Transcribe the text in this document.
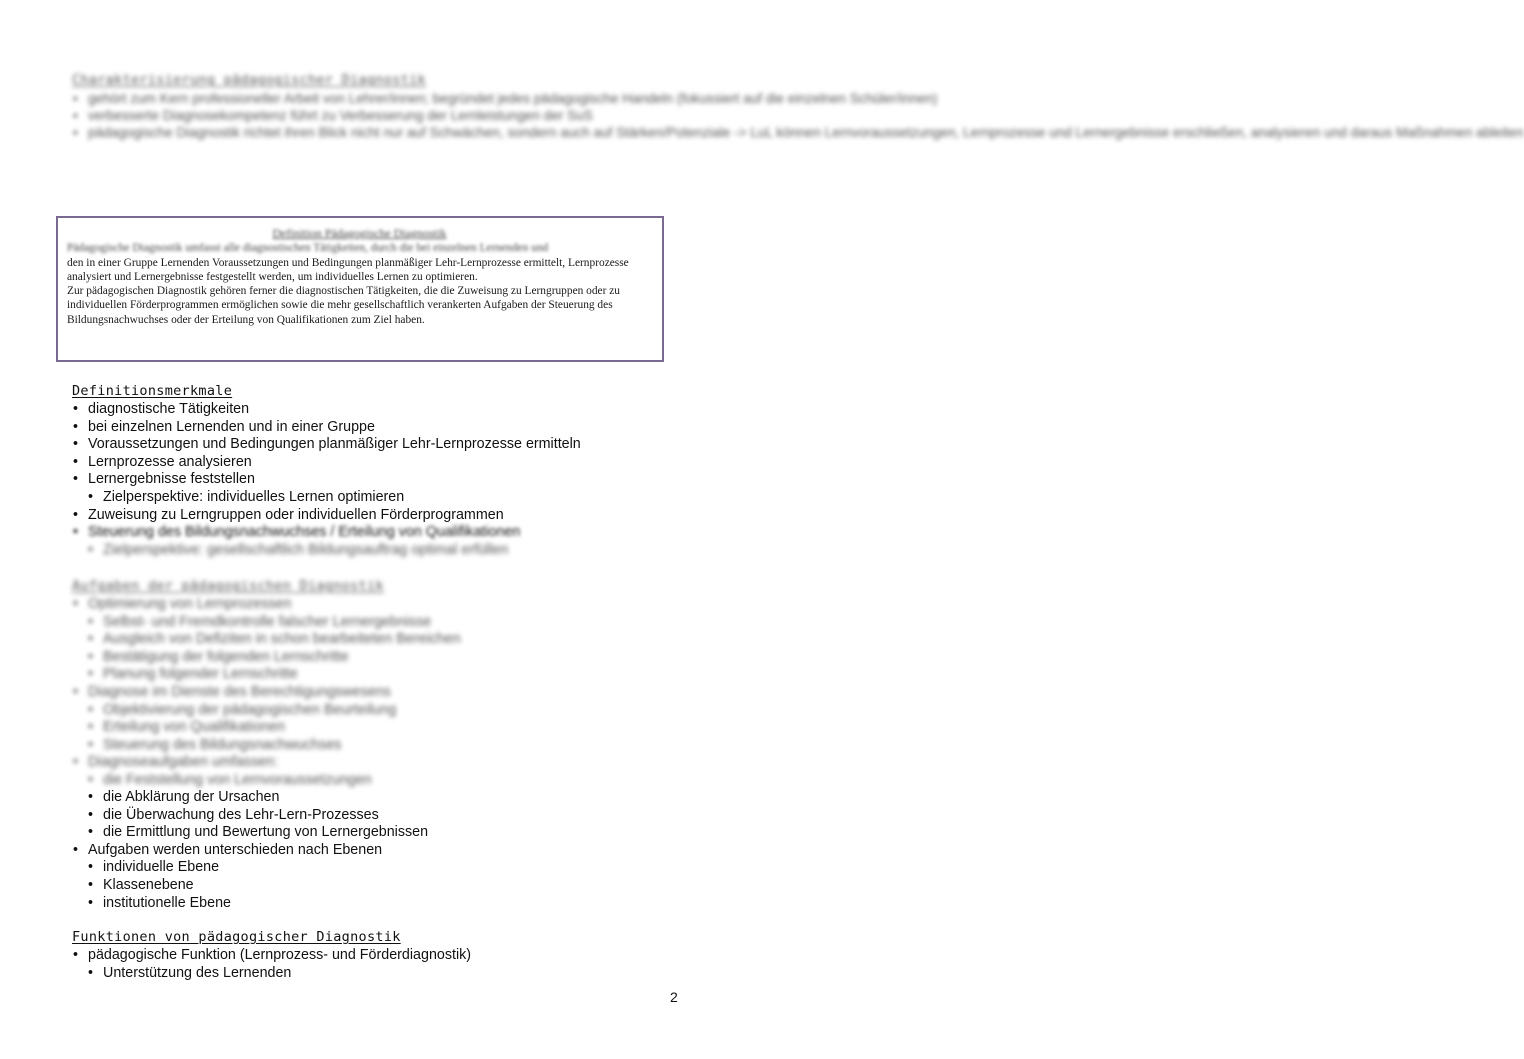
Charakterisierung pädagogischer Diagnostik
• gehört zum Kern professioneller Arbeit von Lehrer/innen; begründet jedes pädagogische Handeln (fokussiert auf die einzelnen Schüler/innen)
• verbesserte Diagnosekompetenz führt zu Verbesserung der Lernleistungen der SuS
• pädagogische Diagnostik richtet ihren Blick nicht nur auf Schwächen, sondern auch auf Stärken/Potenziale -> LuL können Lernvoraussetzungen, Lernprozesse und Lernergebnisse erschließen, analysieren und daraus Maßnahmen ableiten
Definition Pädagogische Diagnostik

Pädagogische Diagnostik umfasst alle diagnostischen Tätigkeiten, durch die bei einzelnen Lernenden und

den in einer Gruppe Lernenden Voraussetzungen und Bedingungen planmäßiger Lehr-Lernprozesse ermittelt, Lernprozesse analysiert und Lernergebnisse festgestellt werden, um individuelles Lernen zu optimieren.

Zur pädagogischen Diagnostik gehören ferner die diagnostischen Tätigkeiten, die die Zuweisung zu Lerngruppen oder zu individuellen Förderprogrammen ermöglichen sowie die mehr gesellschaftlich verankerten Aufgaben der Steuerung des Bildungsnachwuchses oder der Erteilung von Qualifikationen zum Ziel haben.

Definitionsmerkmale
• diagnostische Tätigkeiten
• bei einzelnen Lernenden und in einer Gruppe
• Voraussetzungen und Bedingungen planmäßiger Lehr-Lernprozesse ermitteln
• Lernprozesse analysieren
• Lernergebnisse feststellen
• Zielperspektive: individuelles Lernen optimieren
• Zuweisung zu Lerngruppen oder individuellen Förderprogrammen
• Steuerung des Bildungsnachwuchses / Erteilung von Qualifikationen
• Zielperspektive: gesellschaftlich Bildungsauftrag optimal erfüllen
Aufgaben der pädagogischen Diagnostik
• Optimierung von Lernprozessen
• Selbst- und Fremdkontrolle falscher Lernergebnisse
• Ausgleich von Defiziten in schon bearbeiteten Bereichen
• Bestätigung der folgenden Lernschritte
• Planung folgender Lernschritte
• Diagnose im Dienste des Berechtigungswesens
• Objektivierung der pädagogischen Beurteilung
• Erteilung von Qualifikationen
• Steuerung des Bildungsnachwuchses
• Diagnoseaufgaben umfassen:
• die Feststellung von Lernvoraussetzungen
• die Abklärung der Ursachen
• die Überwachung des Lehr-Lern-Prozesses
• die Ermittlung und Bewertung von Lernergebnissen
• Aufgaben werden unterschieden nach Ebenen
• individuelle Ebene
• Klassenebene
• institutionelle Ebene
Funktionen von pädagogischer Diagnostik
• pädagogische Funktion (Lernprozess- und Förderdiagnostik)
• Unterstützung des Lernenden
2
